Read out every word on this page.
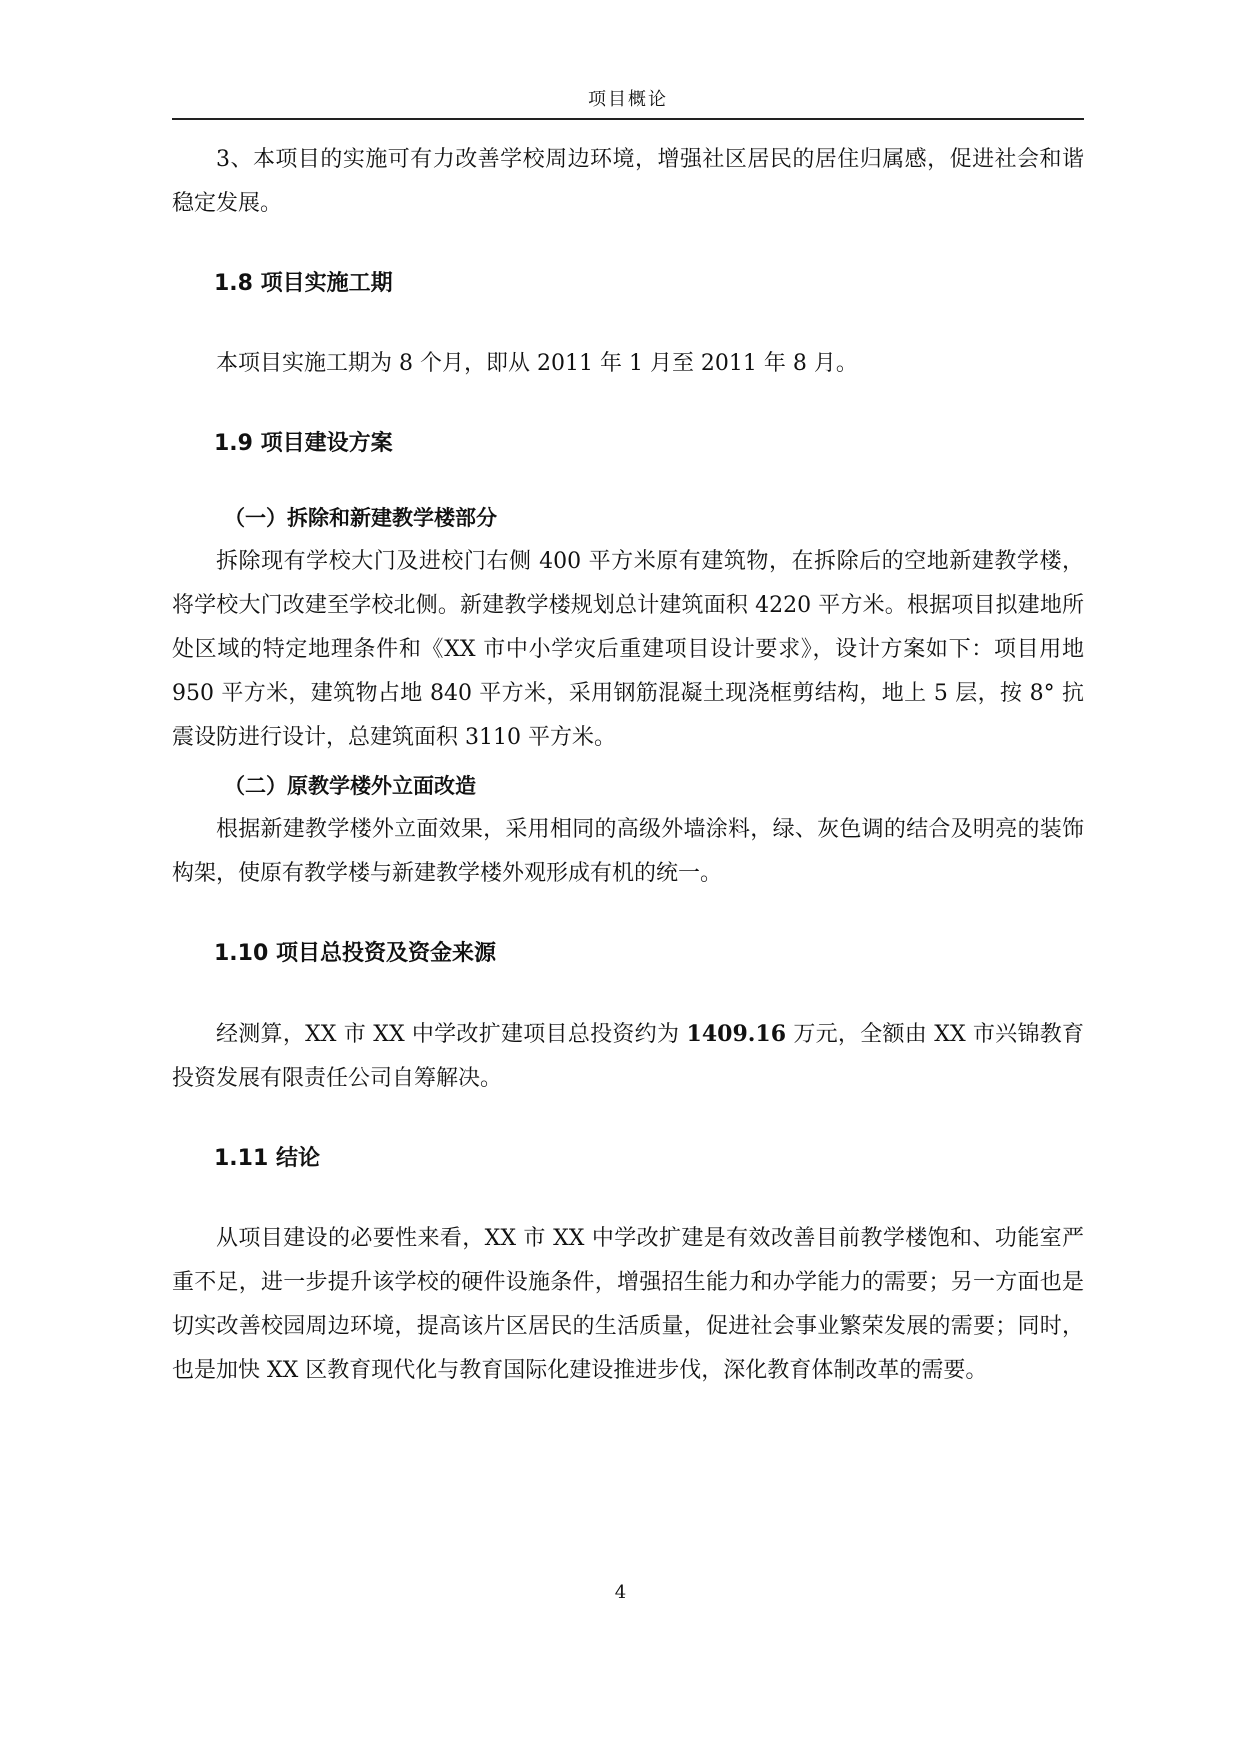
项目概论

3、本项目的实施可有力改善学校周边环境，增强社区居民的居住归属感，促进社会和谐稳定发展。

1.8 项目实施工期

本项目实施工期为 8 个月，即从 2011 年 1 月至 2011 年 8 月。

1.9 项目建设方案
（一）拆除和新建教学楼部分

拆除现有学校大门及进校门右侧 400 平方米原有建筑物，在拆除后的空地新建教学楼，将学校大门改建至学校北侧。新建教学楼规划总计建筑面积 4220 平方米。根据项目拟建地所处区域的特定地理条件和《XX 市中小学灾后重建项目设计要求》，设计方案如下：项目用地 950 平方米，建筑物占地 840 平方米，采用钢筋混凝土现浇框剪结构，地上 5 层，按 8° 抗震设防进行设计，总建筑面积 3110 平方米。

（二）原教学楼外立面改造

根据新建教学楼外立面效果，采用相同的高级外墙涂料，绿、灰色调的结合及明亮的装饰构架，使原有教学楼与新建教学楼外观形成有机的统一。

1.10 项目总投资及资金来源

经测算，XX 市 XX 中学改扩建项目总投资约为 1409.16 万元，全额由 XX 市兴锦教育投资发展有限责任公司自筹解决。

1.11 结论

从项目建设的必要性来看，XX 市 XX 中学改扩建是有效改善目前教学楼饱和、功能室严重不足，进一步提升该学校的硬件设施条件，增强招生能力和办学能力的需要；另一方面也是切实改善校园周边环境，提高该片区居民的生活质量，促进社会事业繁荣发展的需要；同时，也是加快 XX 区教育现代化与教育国际化建设推进步伐，深化教育体制改革的需要。

4
